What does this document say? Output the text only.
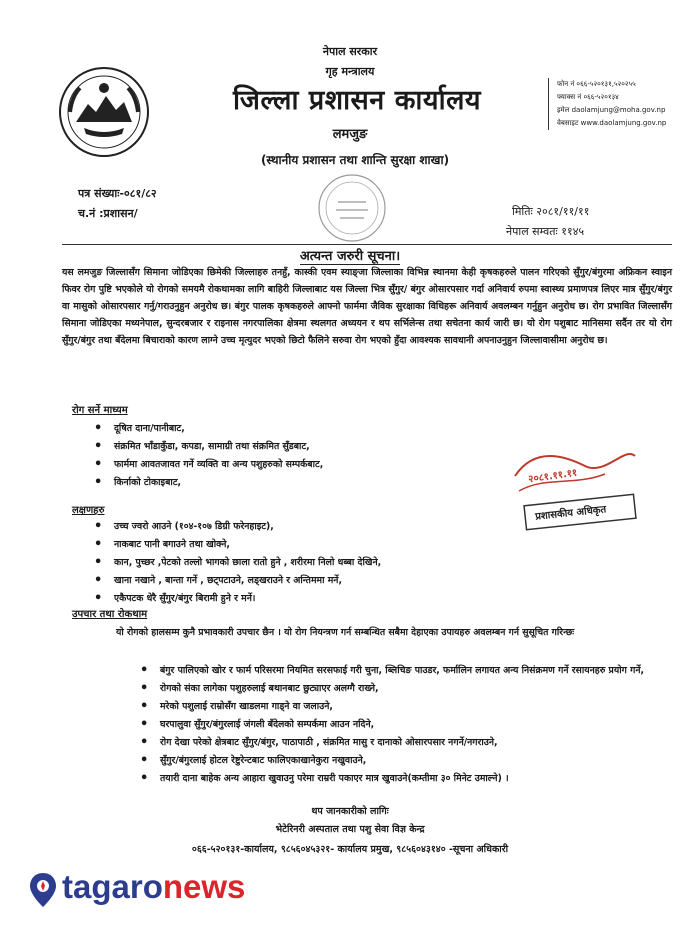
नेपाल सरकार
गृह मन्त्रालय
जिल्ला प्रशासन कार्यालय
लमजुङ
(स्थानीय प्रशासन तथा शान्ति सुरक्षा शाखा)
फोन नं ०६६-५२०१३१,५२०२५५
फ्याक्स नं ०६६-५२०१३४
इमेल daolamjung@moha.gov.np
वेबसाइट www.daolamjung.gov.np
पत्र संख्याः-०८१/८२
च.नं :प्रशासन/	मितिः २०८१/११/११
नेपाल सम्वतः ११४५
अत्यन्त जरुरी सूचना।
यस लमजुङ जिल्लासँग सिमाना जोडिएका छिमेकी जिल्लाहरु तनहुँ, कास्की एवम स्याङ्जा जिल्लाका विभिन्न स्थानमा केही कृषकहरुले पालन गरिएको सुँगुर/बंगुरमा अफ्रिकन स्वाइन फिवर रोग पुष्टि भएकोले यो रोगको समयमै रोकथामका लागि बाहिरी जिल्लाबाट यस जिल्ला भित्र सुँगुर/ बंगुर ओसारपसार गर्दा अनिवार्य रुपमा स्वास्थ्य प्रमाणपत्र लिएर मात्र सुँगुर/बंगुर वा मासुको ओसारपसार गर्नु/गराउनुहुन अनुरोध छ। बंगुर पालक कृषकहरुले आफ्नो फार्ममा जैविक सुरक्षाका विधिहरू अनिवार्य अवलम्बन गर्नुहुन अनुरोध छ। रोग प्रभावित जिल्लासँग सिमाना जोडिएका मध्यनेपाल, सुन्दरबजार र राइनास नगरपालिका क्षेत्रमा स्थलगत अध्ययन र थप सर्भिलेन्स तथा सचेतना कार्य जारी छ। यो रोग पशुबाट मानिसमा सर्दैन तर यो रोग सुँगुर/बंगुर तथा बँदेलमा बिचाराको कारण लाग्ने उच्च मृत्युदर भएको छिटो फैलिने सरुवा रोग भएको हुँदा आवश्यक सावधानी अपनाउनुहुन जिल्लावासीमा अनुरोध छ।
रोग सर्ने माध्यम
• दूषित दाना/पानीबाट,
• संक्रमित भाँडाकुँडा, कपडा, सामाग्री तथा संक्रमित सुँडबाट,
• फार्ममा आवतजावत गर्ने व्यक्ति वा अन्य पशुहरुको सम्पर्कबाट,
• किर्नाको टोकाइबाट,	२०८१.११.११
प्रशासकीय अधिकृत
लक्षणहरु
• उच्च ज्वरो आउने (१०४-१०७ डिग्री फरेनहाइट),
• नाकबाट पानी बगाउने तथा खोक्ने,
• कान, पुच्छर ,पेटको तल्लो भागको छाला रातो हुने , शरीरमा निलो धब्बा देखिने,
• खाना नखाने , बान्ता गर्ने , छट्पटाउने, लड्खराउने र अन्तिममा मर्ने,
• एकैपटक धेरै सुँगुर/बंगुर बिरामी हुने र मर्ने।
उपचार तथा रोकथाम
यो रोगको हालसम्म कुनै प्रभावकारी उपचार छैन । यो रोग नियन्त्रण गर्न सम्बन्धित सबैमा देहाएका उपायहरु अवलम्बन गर्न सुसूचित गरिन्छः
• बंगुर पालिएको खोर र फार्म परिसरमा नियमित सरसफाई गरी चुना, ब्लिचिङ पाउडर, फर्मालिन लगायत अन्य निसंक्रमण गर्ने रसायनहरु प्रयोग गर्ने,
• रोगको संका लागेका पशुहरुलाई बथानबाट छुट्याएर अलग्गै राख्ने,
• मरेको पशुलाई राम्रोसँग खाडलमा गाड्ने वा जलाउने,
• घरपालुवा सुँगुर/बंगुरलाई जंगली बँदेलको सम्पर्कमा आउन नदिने,
• रोग देखा परेको क्षेत्रबाट सुँगुर/बंगुर, पाठापाठी , संक्रमित मासु र दानाको ओसारपसार नगर्ने/नगराउने,
• सुँगुर/बंगुरलाई होटल रेष्टुरेन्टबाट फालिएकाखानेकुरा नखुवाउने,
• तयारी दाना बाहेक अन्य आहारा खुवाउनु परेमा राम्ररी पकाएर मात्र खुवाउने(कम्तीमा ३० मिनेट उमाल्ने) ।
थप जानकारीको लागिः
भेटेरिनरी अस्पताल तथा पशु सेवा विज्ञ केन्द्र
०६६-५२०१३१-कार्यालय, ९८५६०४५३२१- कार्यालय प्रमुख, ९८५६०४३१४० -सूचना अधिकारी
tagaronews
